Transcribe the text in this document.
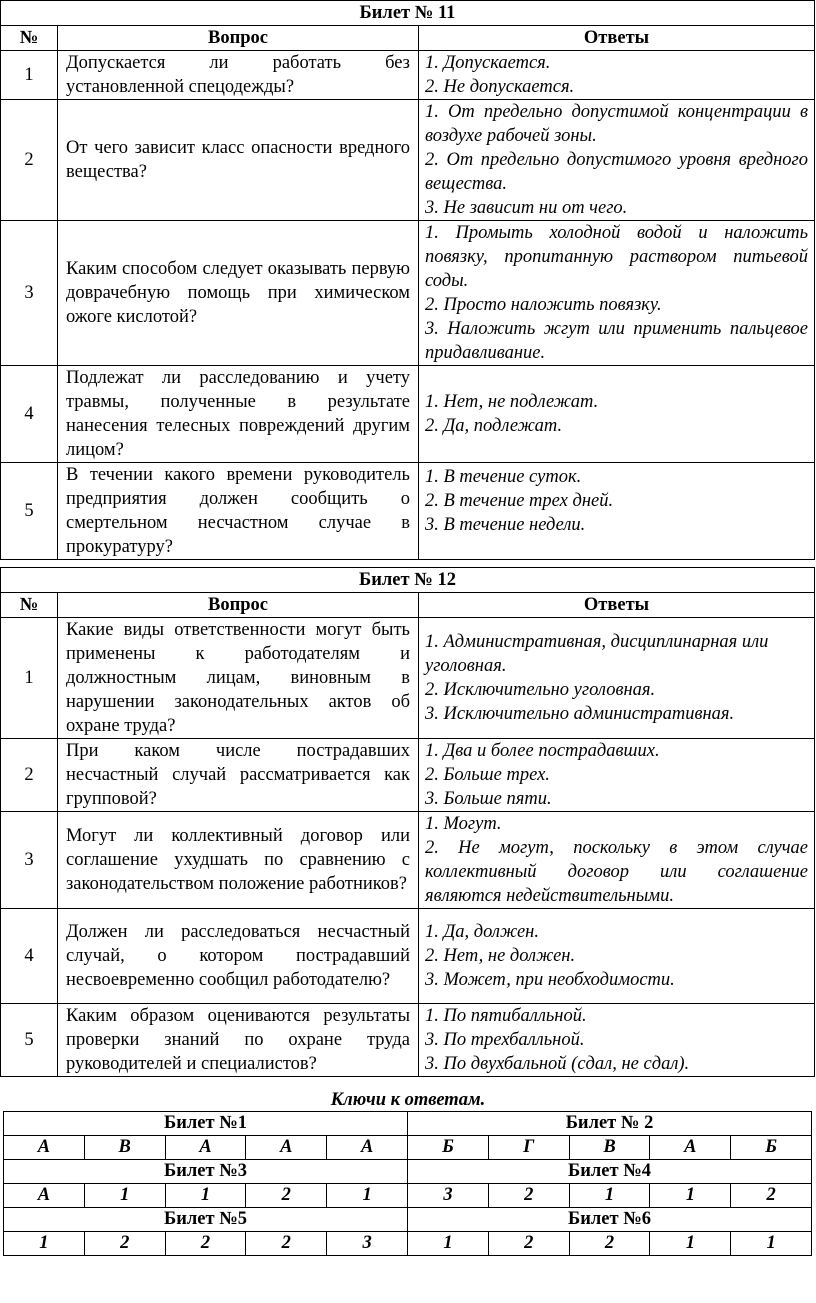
Билет № 11		
№	Вопрос	Ответы
1	Допускается ли работать без установленной спецодежды?	1. Допускается.
2. Не допускается.

2	От чего зависит класс опасности вредного вещества?	1. От предельно допустимой концентрации в воздухе рабочей зоны.
2. От предельно допустимого уровня вредного вещества.
3. Не зависит ни от чего.

3	Каким способом следует оказывать первую доврачебную помощь при химическом ожоге кислотой?	1. Промыть холодной водой и наложить повязку, пропитанную раствором питьевой соды.
2. Просто наложить повязку.
3. Наложить жгут или применить пальцевое придавливание.

4	Подлежат ли расследованию и учету травмы, полученные в результате нанесения телесных повреждений другим лицом?	1. Нет, не подлежат.
2. Да, подлежат.

5	В течении какого времени руководитель предприятия должен сообщить о смертельном несчастном случае в прокуратуру?	1. В течение суток.
2. В течение трех дней.
3. В течение недели.
Билет № 12		
№	Вопрос	Ответы
1	Какие виды ответственности могут быть применены к работодателям и должностным лицам, виновным в нарушении законодательных актов об охране труда?	1. Административная, дисциплинарная или уголовная.
2. Исключительно уголовная.
3. Исключительно административная.

2	При каком числе пострадавших несчастный случай рассматривается как групповой?	1. Два и более пострадавших.
2. Больше трех.
3. Больше пяти.

3	Могут ли коллективный договор или соглашение ухудшать по сравнению с законодательством положение работников?	1. Могут.
2. Не могут, поскольку в этом случае коллективный договор или соглашение являются недействительными.

4	Должен ли расследоваться несчастный случай, о котором пострадавший несвоевременно сообщил работодателю?	1. Да, должен.
2. Нет, не должен.
3. Может, при необходимости.

5	Каким образом оцениваются результаты проверки знаний по охране труда руководителей и специалистов?	1. По пятибалльной.
3. По трехбалльной.
3. По двухбальной (сдал, не сдал).
Ключи к ответам.
Билет №1					Билет № 2				
А	В	А	А	А	Б	Г	В	А	Б
Билет №3					Билет №4				
А	1	1	2	1	3	2	1	1	2
Билет №5					Билет №6				
1	2	2	2	3	1	2	2	1	1
